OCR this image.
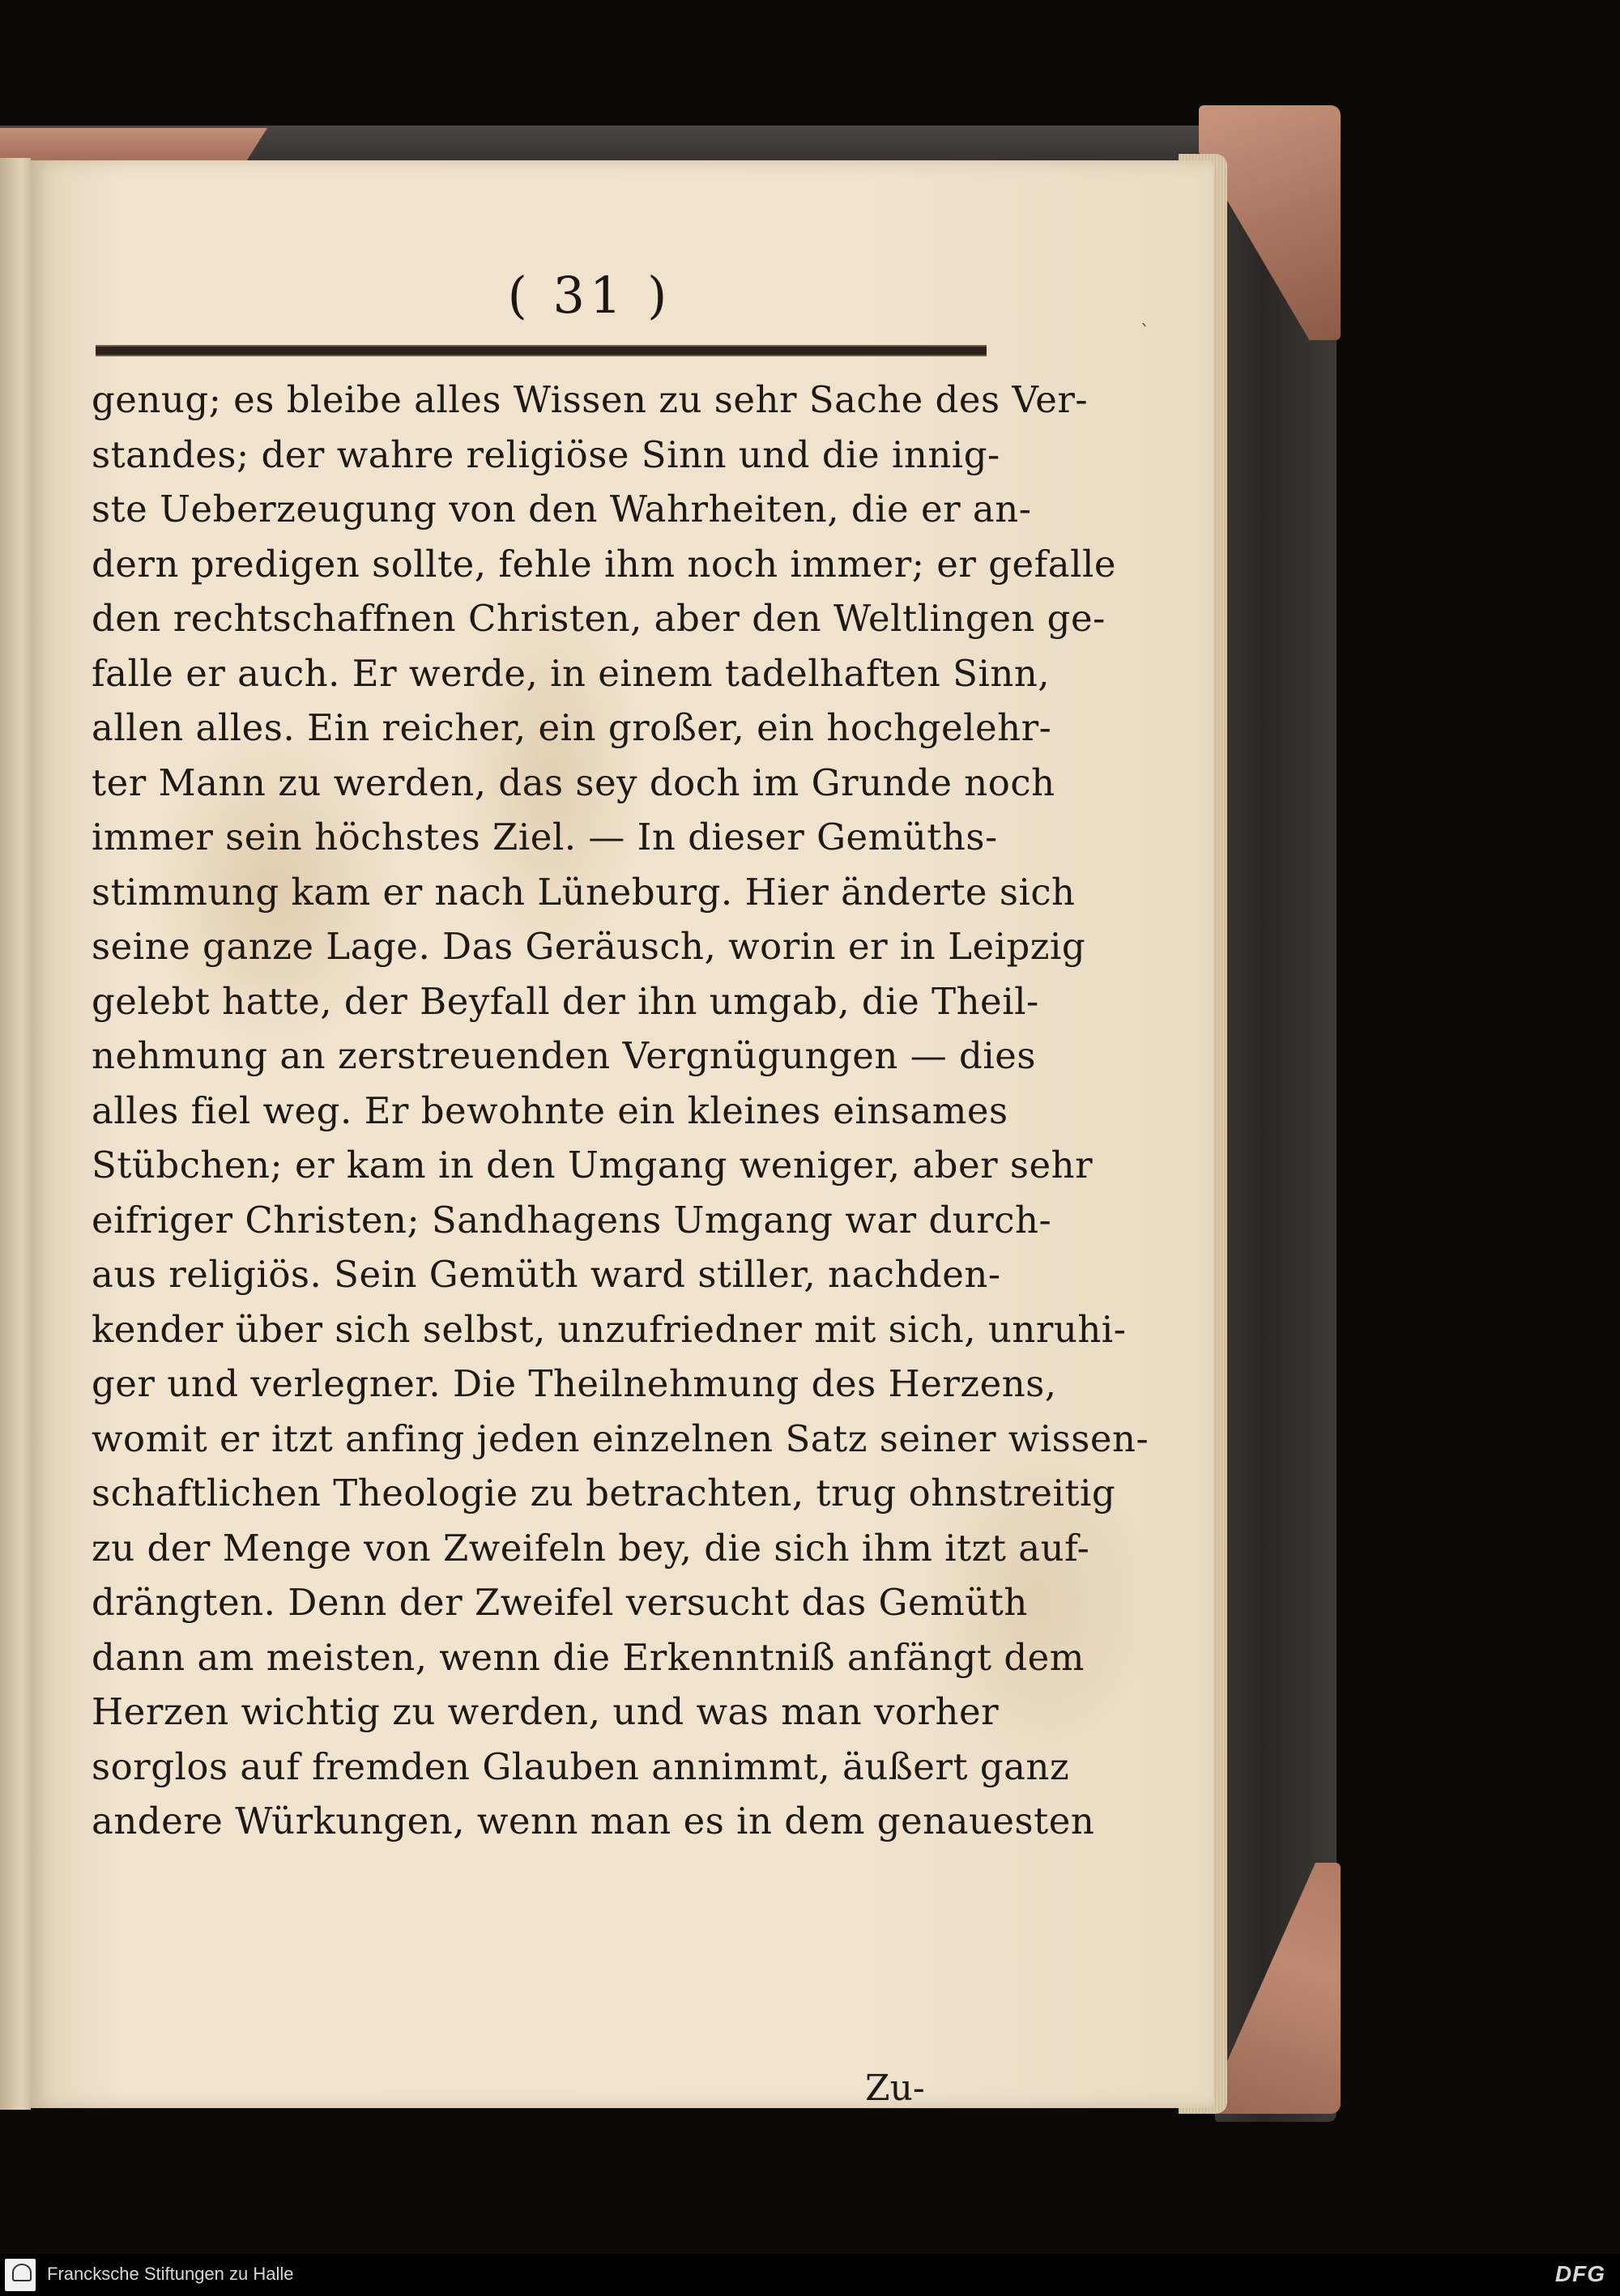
ˋ
( 31 )
genug; es bleibe alles Wissen zu sehr Sache des Ver-
standes; der wahre religiöse Sinn und die innig-
ste Ueberzeugung von den Wahrheiten, die er an-
dern predigen sollte, fehle ihm noch immer; er gefalle
den rechtschaffnen Christen, aber den Weltlingen ge-
falle er auch. Er werde, in einem tadelhaften Sinn,
allen alles. Ein reicher, ein großer, ein hochgelehr-
ter Mann zu werden, das sey doch im Grunde noch
immer sein höchstes Ziel. — In dieser Gemüths-
stimmung kam er nach Lüneburg. Hier änderte sich
seine ganze Lage. Das Geräusch, worin er in Leipzig
gelebt hatte, der Beyfall der ihn umgab, die Theil-
nehmung an zerstreuenden Vergnügungen — dies
alles fiel weg. Er bewohnte ein kleines einsames
Stübchen; er kam in den Umgang weniger, aber sehr
eifriger Christen; Sandhagens Umgang war durch-
aus religiös. Sein Gemüth ward stiller, nachden-
kender über sich selbst, unzufriedner mit sich, unruhi-
ger und verlegner. Die Theilnehmung des Herzens,
womit er itzt anfing jeden einzelnen Satz seiner wissen-
schaftlichen Theologie zu betrachten, trug ohnstreitig
zu der Menge von Zweifeln bey, die sich ihm itzt auf-
drängten. Denn der Zweifel versucht das Gemüth
dann am meisten, wenn die Erkenntniß anfängt dem
Herzen wichtig zu werden, und was man vorher
sorglos auf fremden Glauben annimmt, äußert ganz
andere Würkungen, wenn man es in dem genauesten
Zu-
Francksche Stiftungen zu Halle	DFG
